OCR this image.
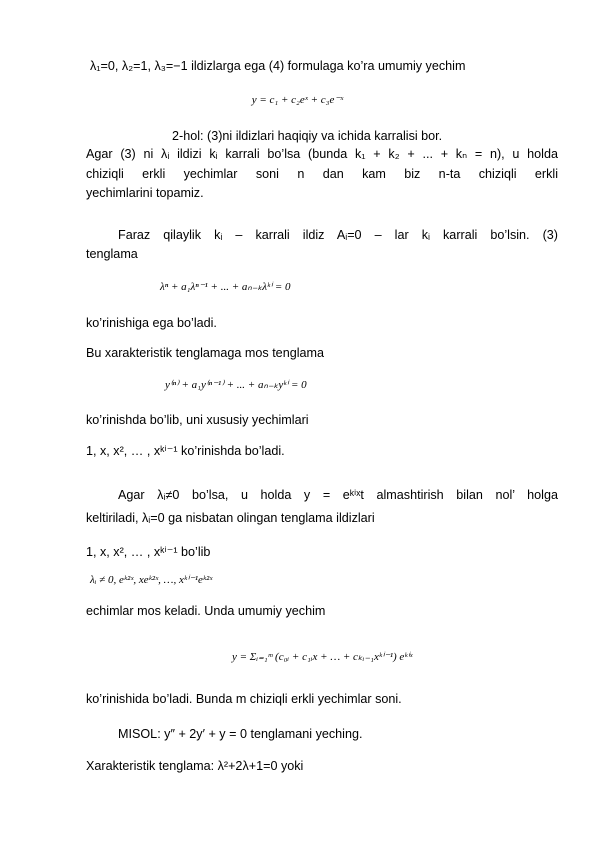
λ₁=0, λ₂=1, λ₃=−1 ildizlarga ega (4) formulaga ko’ra umumiy yechim
y = c₁ + c₂eˣ + c₃e⁻ˣ
2-hol: (3)ni ildizlari haqiqiy va ichida karralisi bor.
Agar (3) ni λᵢ ildizi kᵢ karrali bo’lsa (bunda k₁ + k₂ + ... + kₙ = n), u holda
chiziqli erkli yechimlar soni n dan kam biz n-ta chiziqli erkli
yechimlarini topamiz.
Faraz qilaylik kᵢ – karrali ildiz Aᵢ=0 – lar kᵢ karrali bo’lsin. (3)
tenglama
λⁿ + a₁λⁿ⁻¹ + ... + aₙ₋ₖλᵏⁱ = 0
ko’rinishiga ega bo’ladi.
Bu xarakteristik tenglamaga mos tenglama
y⁽ⁿ⁾ + a₁y⁽ⁿ⁻¹⁾ + ... + aₙ₋ₖyᵏⁱ = 0
ko’rinishda bo’lib, uni xususiy yechimlari
1, x, x², … , xᵏⁱ⁻¹ ko’rinishda bo’ladi.
Agar λᵢ≠0 bo’lsa, u holda y = eᵏⁱˣt almashtirish bilan nol’ holga
keltiriladi, λᵢ=0 ga nisbatan olingan tenglama ildizlari
1, x, x², … , xᵏⁱ⁻¹ bo’lib
λᵢ ≠ 0, eᵏ²ˣ, xeᵏ²ˣ, …, xᵏⁱ⁻¹eᵏ²ˣ
echimlar mos keladi. Unda umumiy yechim
y = Σᵢ₌₁ᵐ (c₀ᵢ + c₁ᵢx + … + cₖᵢ₋₁xᵏⁱ⁻¹) eᵏⁱˣ
ko’rinishida bo’ladi. Bunda m chiziqli erkli yechimlar soni.
MISOL: y″ + 2y′ + y = 0 tenglamani yeching.
Xarakteristik tenglama: λ²+2λ+1=0 yoki
